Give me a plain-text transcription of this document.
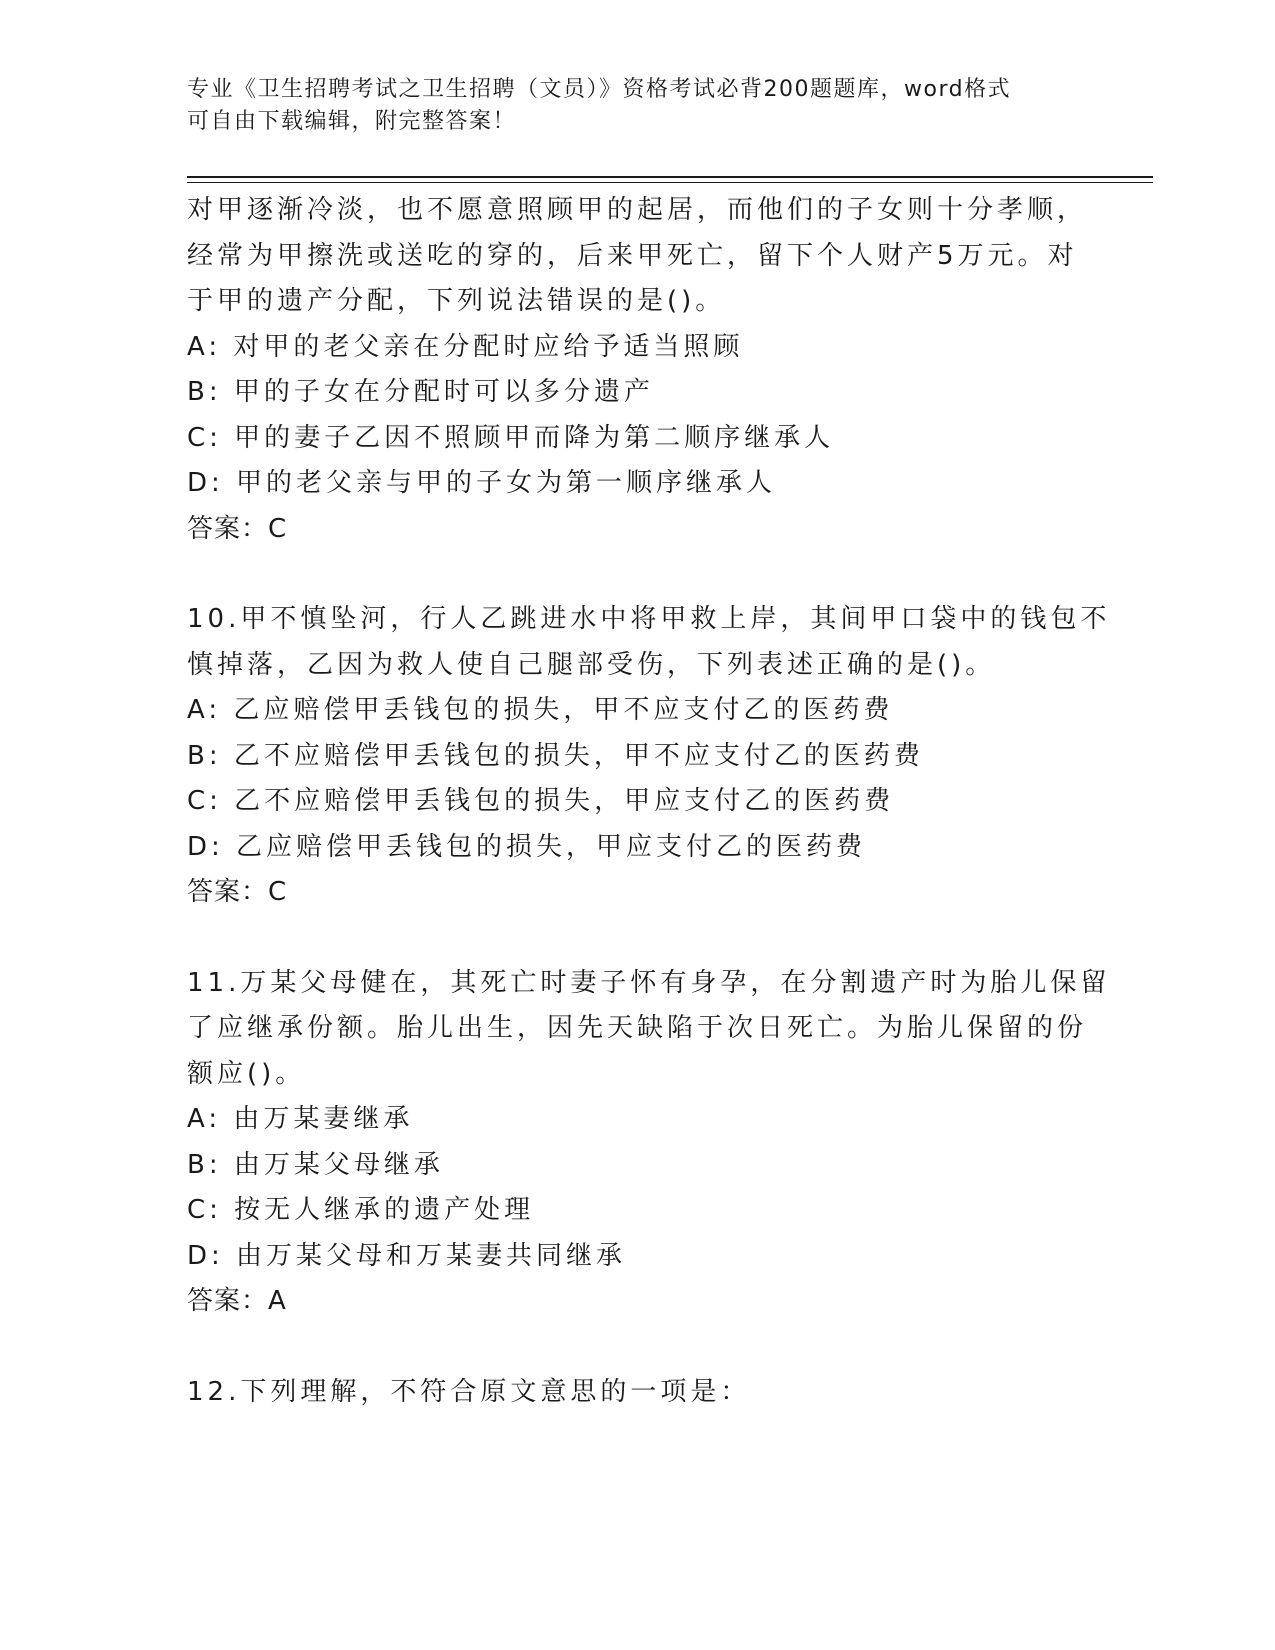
专业《卫生招聘考试之卫生招聘（文员）》资格考试必背200题题库，word格式
可自由下载编辑，附完整答案！
对甲逐渐冷淡，也不愿意照顾甲的起居，而他们的子女则十分孝顺，
经常为甲擦洗或送吃的穿的，后来甲死亡，留下个人财产5万元。对
于甲的遗产分配，下列说法错误的是()。
A: 对甲的老父亲在分配时应给予适当照顾
B: 甲的子女在分配时可以多分遗产
C: 甲的妻子乙因不照顾甲而降为第二顺序继承人
D: 甲的老父亲与甲的子女为第一顺序继承人
答案：C
10.甲不慎坠河，行人乙跳进水中将甲救上岸，其间甲口袋中的钱包不
慎掉落，乙因为救人使自己腿部受伤，下列表述正确的是()。
A: 乙应赔偿甲丢钱包的损失，甲不应支付乙的医药费
B: 乙不应赔偿甲丢钱包的损失，甲不应支付乙的医药费
C: 乙不应赔偿甲丢钱包的损失，甲应支付乙的医药费
D: 乙应赔偿甲丢钱包的损失，甲应支付乙的医药费
答案：C
11.万某父母健在，其死亡时妻子怀有身孕，在分割遗产时为胎儿保留
了应继承份额。胎儿出生，因先天缺陷于次日死亡。为胎儿保留的份
额应()。
A: 由万某妻继承
B: 由万某父母继承
C: 按无人继承的遗产处理
D: 由万某父母和万某妻共同继承
答案：A
12.下列理解，不符合原文意思的一项是：
